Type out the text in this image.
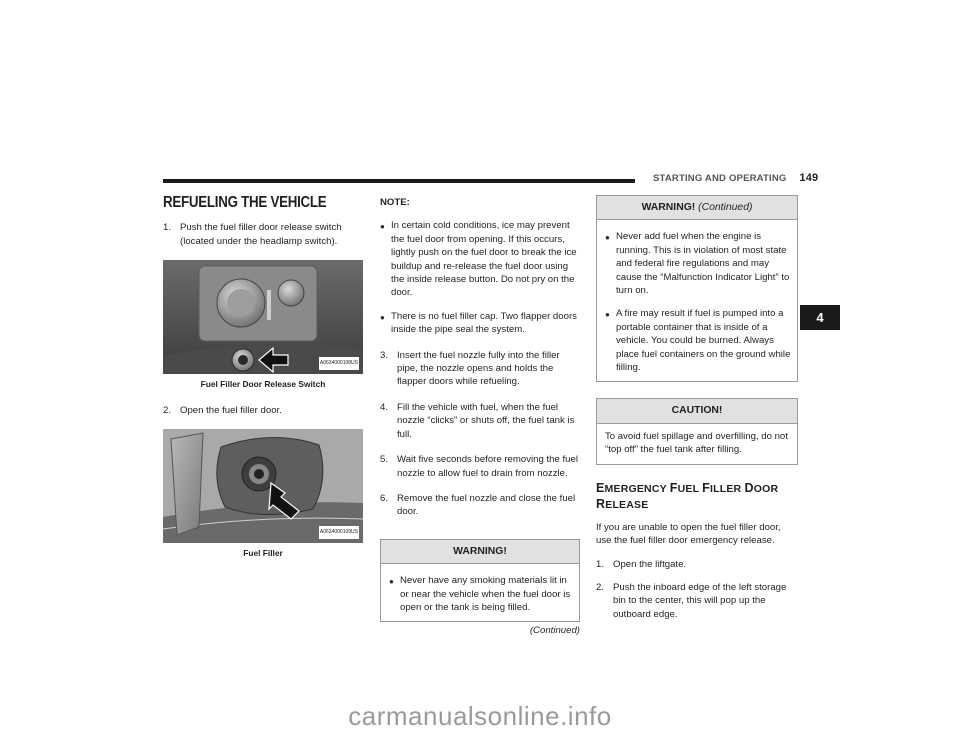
STARTING AND OPERATING 149
4
REFUELING THE VEHICLE
1. Push the fuel filler door release switch (located under the headlamp switch).
A0634000108US
Fuel Filler Door Release Switch
2. Open the fuel filler door.
A0634000109US
Fuel Filler
NOTE:
● In certain cold conditions, ice may prevent the fuel door from opening. If this occurs, lightly push on the fuel door to break the ice buildup and re-release the fuel door using the inside release button. Do not pry on the door.
● There is no fuel filler cap. Two flapper doors inside the pipe seal the system.
3. Insert the fuel nozzle fully into the filler pipe, the nozzle opens and holds the flapper doors while refueling.
4. Fill the vehicle with fuel, when the fuel nozzle “clicks” or shuts off, the fuel tank is full.
5. Wait five seconds before removing the fuel nozzle to allow fuel to drain from nozzle.
6. Remove the fuel nozzle and close the fuel door.
WARNING!
● Never have any smoking materials lit in or near the vehicle when the fuel door is open or the tank is being filled.
(Continued)
WARNING! (Continued)
● Never add fuel when the engine is running. This is in violation of most state and federal fire regulations and may cause the “Malfunction Indicator Light” to turn on.
● A fire may result if fuel is pumped into a portable container that is inside of a vehicle. You could be burned. Always place fuel containers on the ground while filling.
CAUTION!
To avoid fuel spillage and overfilling, do not “top off” the fuel tank after filling.
EMERGENCY FUEL FILLER DOOR
RELEASE
If you are unable to open the fuel filler door, use the fuel filler door emergency release.
1. Open the liftgate.
2. Push the inboard edge of the left storage bin to the center, this will pop up the outboard edge.
carmanualsonline.info
